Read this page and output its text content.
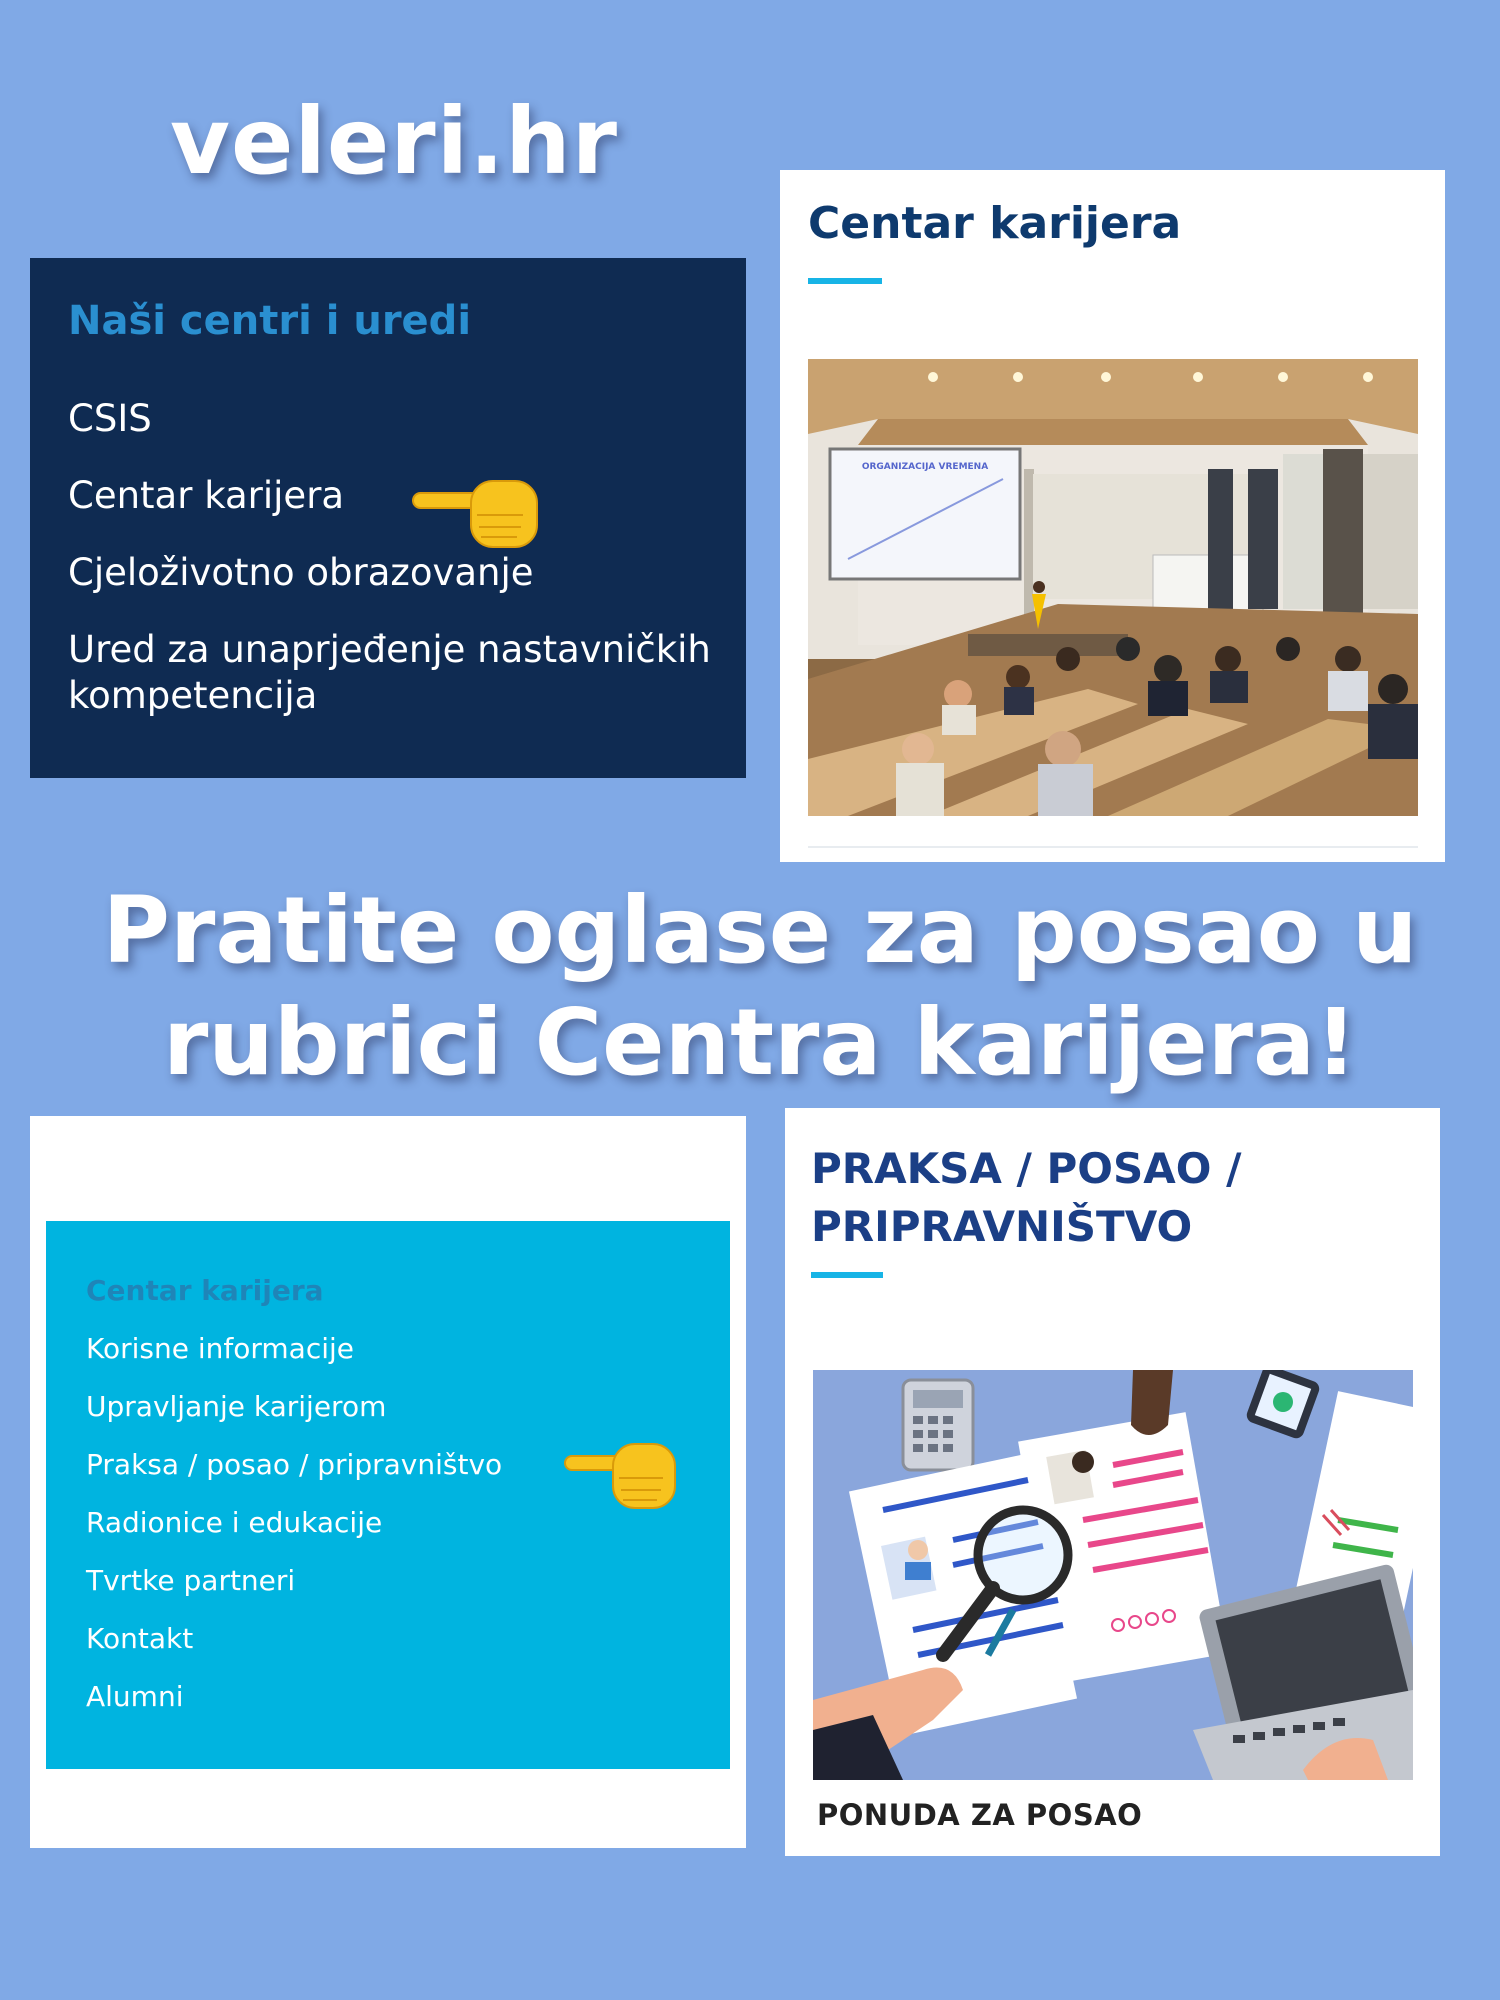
veleri.hr
Naši centri i uredi
CSIS
Centar karijera
Cjeloživotno obrazovanje
Ured za unaprjeđenje nastavničkih kompetencija
Centar karijera
ORGANIZACIJA VREMENA
Pratite oglase za posao u
rubrici Centra karijera!
Centar karijera
Korisne informacije
Upravljanje karijerom
Praksa / posao / pripravništvo
Radionice i edukacije
Tvrtke partneri
Kontakt
Alumni
PRAKSA / POSAO /
PRIPRAVNIŠTVO

PONUDA ZA POSAO
